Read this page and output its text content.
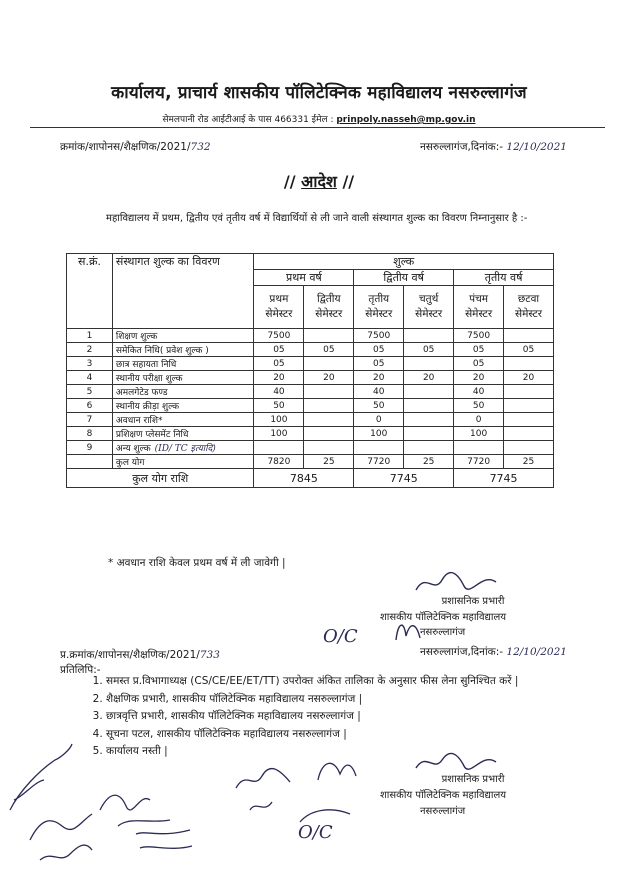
कार्यालय, प्राचार्य शासकीय पॉलिटेक्निक महाविद्यालय नसरुल्लागंज
सेमलपानी रोड आईटीआई के पास 466331 ईमेल : prinpoly.nasseh@mp.gov.in
क्रमांक/शापोनस/शैक्षणिक/2021/732	नसरुल्लागंज,दिनांक:- 12/10/2021
// आदेश //
महाविद्यालय में प्रथम, द्वितीय एवं तृतीय वर्ष में विद्यार्थियों से ली जाने वाली संस्थागत शुल्क का विवरण निम्नानुसार है :-
स.क्रं.	संस्थागत शुल्क का विवरण	शुल्क					
		प्रथम वर्ष		द्वितीय वर्ष		तृतीय वर्ष	
		प्रथम सेमेस्टर	द्वितीय सेमेस्टर	तृतीय सेमेस्टर	चतुर्थ सेमेस्टर	पंचम सेमेस्टर	छटवा सेमेस्टर
1	शिक्षण शुल्क	7500		7500		7500	
2	समेकित निधि( प्रवेश शुल्क )	05	05	05	05	05	05
3	छात्र सहायता निधि	05		05		05	
4	स्थानीय परीक्षा शुल्क	20	20	20	20	20	20
5	अमलगेटेड फण्ड	40		40		40	
6	स्थानीय क्रीड़ा शुल्क	50		50		50	
7	अवधान राशि*	100		0		0	
8	प्रशिक्षण प्लेसमेंट निधि	100		100		100	
9	अन्य शुल्क (ID/ TC इत्यादि)						
	कुल योग	7820	25	7720	25	7720	25
कुल योग राशि		7845		7745		7745	
* अवधान राशि केवल प्रथम वर्ष में ली जावेगी |
प्रशासनिक प्रभारी
शासकीय पॉलिटेक्निक महाविद्यालय
नसरुल्लागंज
O/C
प्र.क्रमांक/शापोनस/शैक्षणिक/2021/733	नसरुल्लागंज,दिनांक:- 12/10/2021
प्रतिलिपि:-
1. समस्त प्र.विभागाध्यक्ष (CS/CE/EE/ET/TT) उपरोक्त अंकित तालिका के अनुसार फीस लेना सुनिश्चित करें |
2. शैक्षणिक प्रभारी, शासकीय पॉलिटेक्निक महाविद्यालय नसरुल्लागंज |
3. छात्रवृत्ति प्रभारी, शासकीय पॉलिटेक्निक महाविद्यालय नसरुल्लागंज |
4. सूचना पटल, शासकीय पॉलिटेक्निक महाविद्यालय नसरुल्लागंज |
5. कार्यालय नस्ती |
प्रशासनिक प्रभारी
शासकीय पॉलिटेक्निक महाविद्यालय
नसरुल्लागंज
O/C
